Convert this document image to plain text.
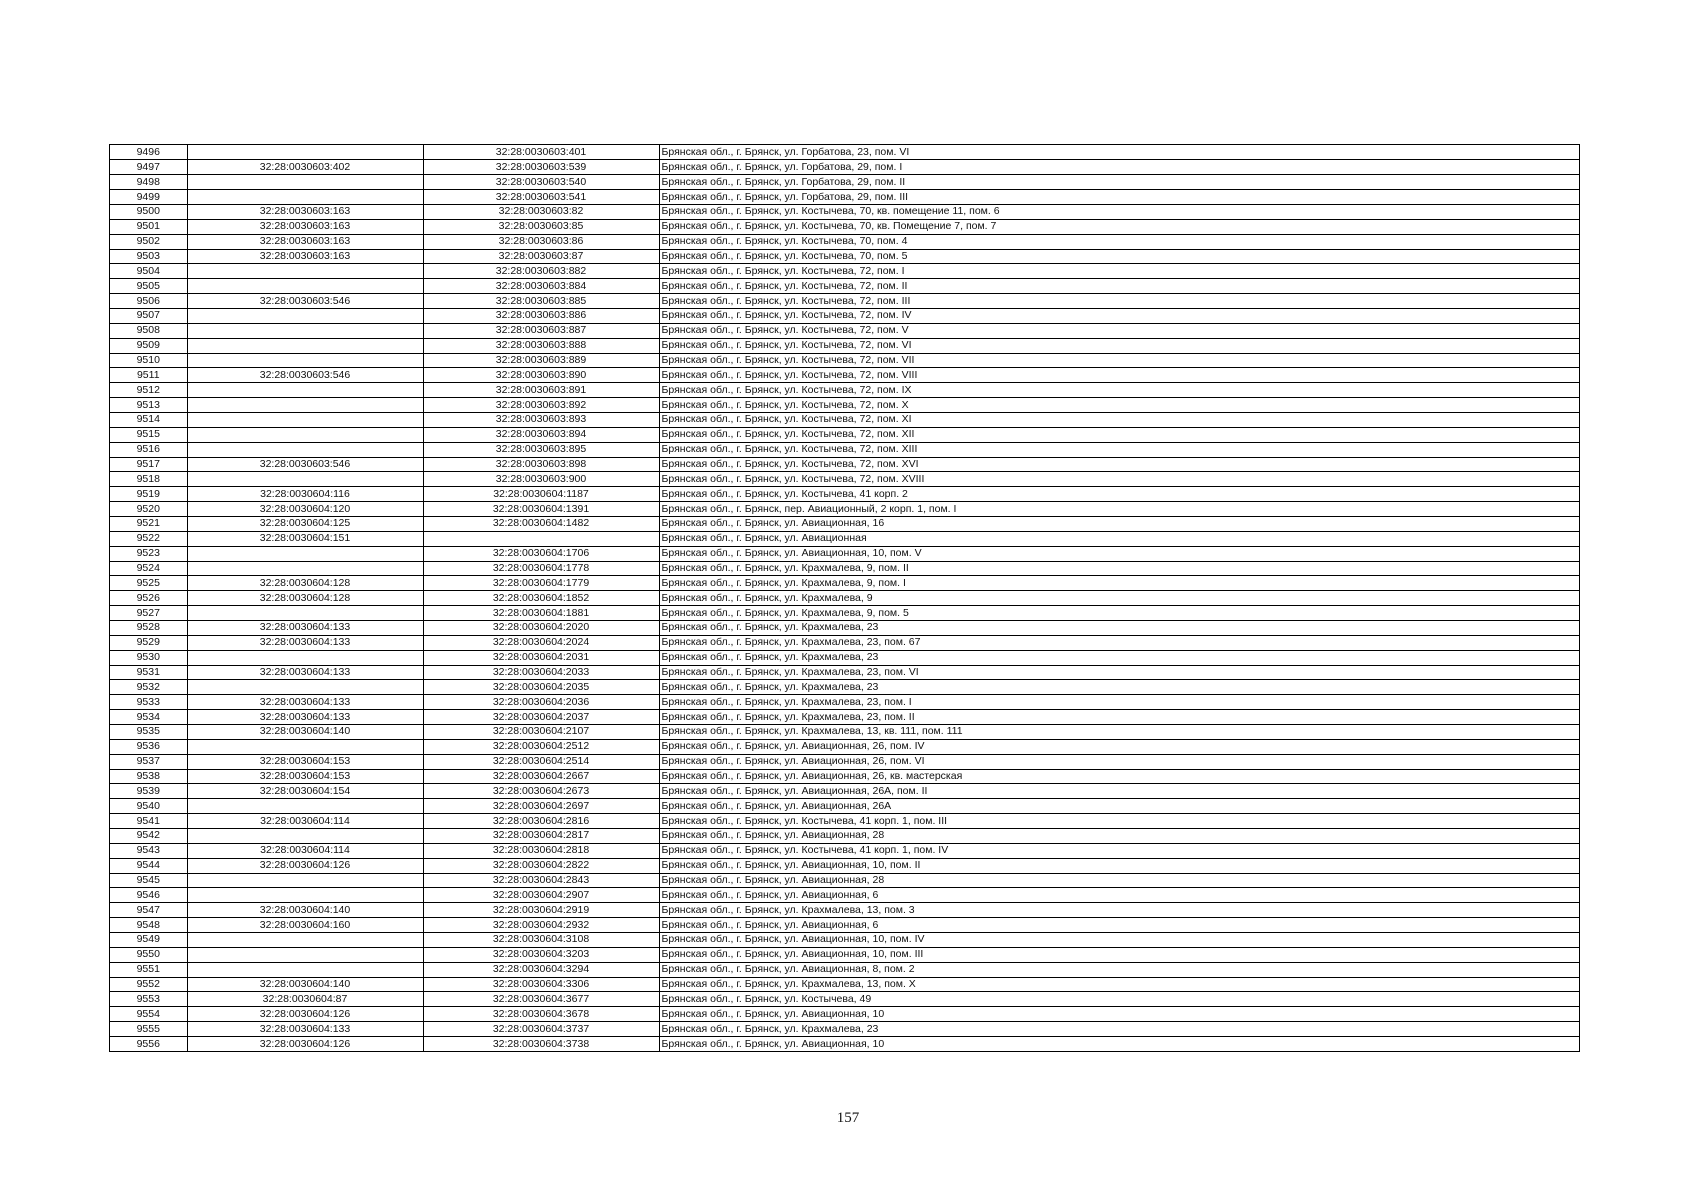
9496		32:28:0030603:401	Брянская обл., г. Брянск, ул. Горбатова, 23, пом. VI
9497	32:28:0030603:402	32:28:0030603:539	Брянская обл., г. Брянск, ул. Горбатова, 29, пом. I
9498		32:28:0030603:540	Брянская обл., г. Брянск, ул. Горбатова, 29, пом. II
9499		32:28:0030603:541	Брянская обл., г. Брянск, ул. Горбатова, 29, пом. III
9500	32:28:0030603:163	32:28:0030603:82	Брянская обл., г. Брянск, ул. Костычева, 70, кв. помещение 11, пом. 6
9501	32:28:0030603:163	32:28:0030603:85	Брянская обл., г. Брянск, ул. Костычева, 70, кв. Помещение 7, пом. 7
9502	32:28:0030603:163	32:28:0030603:86	Брянская обл., г. Брянск, ул. Костычева, 70, пом. 4
9503	32:28:0030603:163	32:28:0030603:87	Брянская обл., г. Брянск, ул. Костычева, 70, пом. 5
9504		32:28:0030603:882	Брянская обл., г. Брянск, ул. Костычева, 72, пом. I
9505		32:28:0030603:884	Брянская обл., г. Брянск, ул. Костычева, 72, пом. II
9506	32:28:0030603:546	32:28:0030603:885	Брянская обл., г. Брянск, ул. Костычева, 72, пом. III
9507		32:28:0030603:886	Брянская обл., г. Брянск, ул. Костычева, 72, пом. IV
9508		32:28:0030603:887	Брянская обл., г. Брянск, ул. Костычева, 72, пом. V
9509		32:28:0030603:888	Брянская обл., г. Брянск, ул. Костычева, 72, пом. VI
9510		32:28:0030603:889	Брянская обл., г. Брянск, ул. Костычева, 72, пом. VII
9511	32:28:0030603:546	32:28:0030603:890	Брянская обл., г. Брянск, ул. Костычева, 72, пом. VIII
9512		32:28:0030603:891	Брянская обл., г. Брянск, ул. Костычева, 72, пом. IX
9513		32:28:0030603:892	Брянская обл., г. Брянск, ул. Костычева, 72, пом. X
9514		32:28:0030603:893	Брянская обл., г. Брянск, ул. Костычева, 72, пом. XI
9515		32:28:0030603:894	Брянская обл., г. Брянск, ул. Костычева, 72, пом. XII
9516		32:28:0030603:895	Брянская обл., г. Брянск, ул. Костычева, 72, пом. XIII
9517	32:28:0030603:546	32:28:0030603:898	Брянская обл., г. Брянск, ул. Костычева, 72, пом. XVI
9518		32:28:0030603:900	Брянская обл., г. Брянск, ул. Костычева, 72, пом. XVIII
9519	32:28:0030604:116	32:28:0030604:1187	Брянская обл., г. Брянск, ул. Костычева, 41 корп. 2
9520	32:28:0030604:120	32:28:0030604:1391	Брянская обл., г. Брянск, пер. Авиационный, 2 корп. 1, пом. I
9521	32:28:0030604:125	32:28:0030604:1482	Брянская обл., г. Брянск, ул. Авиационная, 16
9522	32:28:0030604:151		Брянская обл., г. Брянск, ул. Авиационная
9523		32:28:0030604:1706	Брянская обл., г. Брянск, ул. Авиационная, 10, пом. V
9524		32:28:0030604:1778	Брянская обл., г. Брянск, ул. Крахмалева, 9, пом. II
9525	32:28:0030604:128	32:28:0030604:1779	Брянская обл., г. Брянск, ул. Крахмалева, 9, пом. I
9526	32:28:0030604:128	32:28:0030604:1852	Брянская обл., г. Брянск, ул. Крахмалева, 9
9527		32:28:0030604:1881	Брянская обл., г. Брянск, ул. Крахмалева, 9, пом. 5
9528	32:28:0030604:133	32:28:0030604:2020	Брянская обл., г. Брянск, ул. Крахмалева, 23
9529	32:28:0030604:133	32:28:0030604:2024	Брянская обл., г. Брянск, ул. Крахмалева, 23, пом. 67
9530		32:28:0030604:2031	Брянская обл., г. Брянск, ул. Крахмалева, 23
9531	32:28:0030604:133	32:28:0030604:2033	Брянская обл., г. Брянск, ул. Крахмалева, 23, пом. VI
9532		32:28:0030604:2035	Брянская обл., г. Брянск, ул. Крахмалева, 23
9533	32:28:0030604:133	32:28:0030604:2036	Брянская обл., г. Брянск, ул. Крахмалева, 23, пом. I
9534	32:28:0030604:133	32:28:0030604:2037	Брянская обл., г. Брянск, ул. Крахмалева, 23, пом. II
9535	32:28:0030604:140	32:28:0030604:2107	Брянская обл., г. Брянск, ул. Крахмалева, 13, кв. 111, пом. 111
9536		32:28:0030604:2512	Брянская обл., г. Брянск, ул. Авиационная, 26, пом. IV
9537	32:28:0030604:153	32:28:0030604:2514	Брянская обл., г. Брянск, ул. Авиационная, 26, пом. VI
9538	32:28:0030604:153	32:28:0030604:2667	Брянская обл., г. Брянск, ул. Авиационная, 26, кв. мастерская
9539	32:28:0030604:154	32:28:0030604:2673	Брянская обл., г. Брянск, ул. Авиационная, 26А, пом. II
9540		32:28:0030604:2697	Брянская обл., г. Брянск, ул. Авиационная, 26А
9541	32:28:0030604:114	32:28:0030604:2816	Брянская обл., г. Брянск, ул. Костычева, 41 корп. 1, пом. III
9542		32:28:0030604:2817	Брянская обл., г. Брянск, ул. Авиационная, 28
9543	32:28:0030604:114	32:28:0030604:2818	Брянская обл., г. Брянск, ул. Костычева, 41 корп. 1, пом. IV
9544	32:28:0030604:126	32:28:0030604:2822	Брянская обл., г. Брянск, ул. Авиационная, 10, пом. II
9545		32:28:0030604:2843	Брянская обл., г. Брянск, ул. Авиационная, 28
9546		32:28:0030604:2907	Брянская обл., г. Брянск, ул. Авиационная, 6
9547	32:28:0030604:140	32:28:0030604:2919	Брянская обл., г. Брянск, ул. Крахмалева, 13, пом. 3
9548	32:28:0030604:160	32:28:0030604:2932	Брянская обл., г. Брянск, ул. Авиационная, 6
9549		32:28:0030604:3108	Брянская обл., г. Брянск, ул. Авиационная, 10, пом. IV
9550		32:28:0030604:3203	Брянская обл., г. Брянск, ул. Авиационная, 10, пом. III
9551		32:28:0030604:3294	Брянская обл., г. Брянск, ул. Авиационная, 8, пом. 2
9552	32:28:0030604:140	32:28:0030604:3306	Брянская обл., г. Брянск, ул. Крахмалева, 13, пом. X
9553	32:28:0030604:87	32:28:0030604:3677	Брянская обл., г. Брянск, ул. Костычева, 49
9554	32:28:0030604:126	32:28:0030604:3678	Брянская обл., г. Брянск, ул. Авиационная, 10
9555	32:28:0030604:133	32:28:0030604:3737	Брянская обл., г. Брянск, ул. Крахмалева, 23
9556	32:28:0030604:126	32:28:0030604:3738	Брянская обл., г. Брянск, ул. Авиационная, 10
157
